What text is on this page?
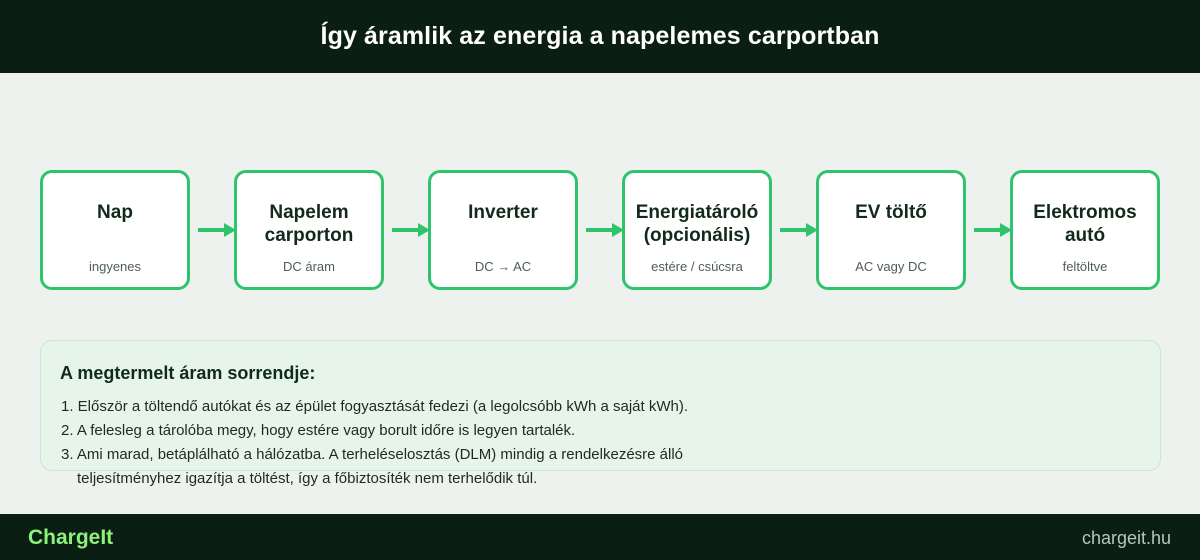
Így áramlik az energia a napelemes carportban
Nap
ingyenes
Napelem
carporton
DC áram
Inverter
DC → AC
Energiatároló
(opcionális)
estére / csúcsra
EV töltő
AC vagy DC
Elektromos
autó
feltöltve
A megtermelt áram sorrendje:
1. Először a töltendő autókat és az épület fogyasztását fedezi (a legolcsóbb kWh a saját kWh).
2. A felesleg a tárolóba megy, hogy estére vagy borult időre is legyen tartalék.
3. Ami marad, betáplálható a hálózatba. A terheléselosztás (DLM) mindig a rendelkezésre álló teljesítményhez igazítja a töltést, így a főbiztosíték nem terhelődik túl.
ChargeIt	chargeit.hu
